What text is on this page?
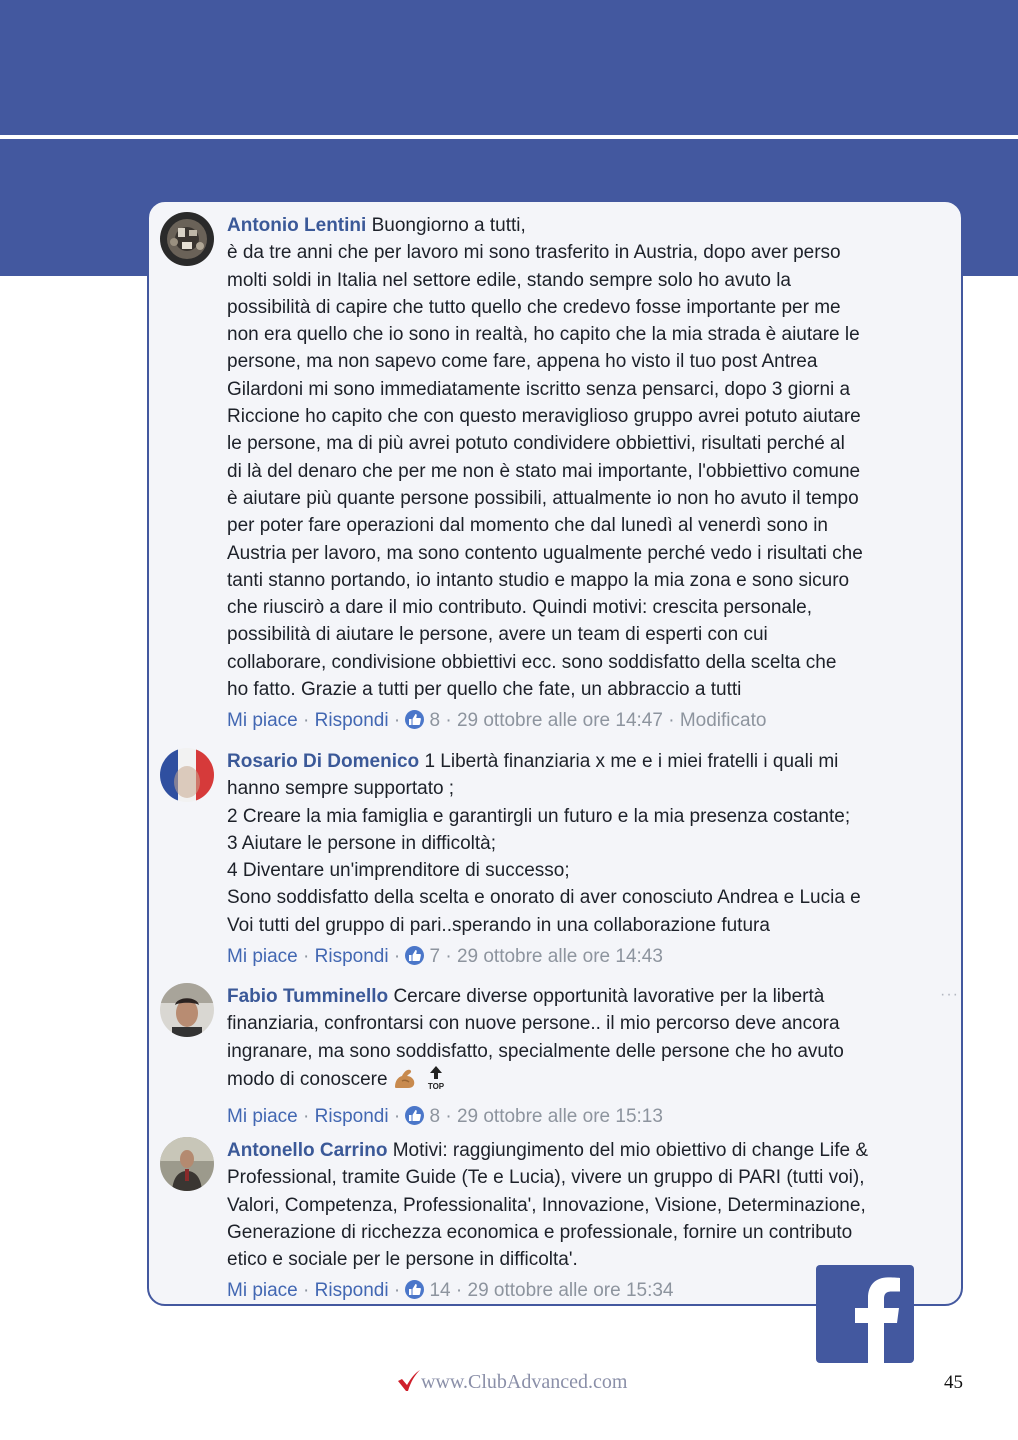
Antonio Lentini Buongiorno a tutti,
è da tre anni che per lavoro mi sono trasferito in Austria, dopo aver perso
molti soldi in Italia nel settore edile, stando sempre solo ho avuto la
possibilità di capire che tutto quello che credevo fosse importante per me
non era quello che io sono in realtà, ho capito che la mia strada è aiutare le
persone, ma non sapevo come fare, appena ho visto il tuo post Antrea
Gilardoni mi sono immediatamente iscritto senza pensarci, dopo 3 giorni a
Riccione ho capito che con questo meraviglioso gruppo avrei potuto aiutare
le persone, ma di più avrei potuto condividere obbiettivi, risultati perché al
di là del denaro che per me non è stato mai importante, l'obbiettivo comune
è aiutare più quante persone possibili, attualmente io non ho avuto il tempo
per poter fare operazioni dal momento che dal lunedì al venerdì sono in
Austria per lavoro, ma sono contento ugualmente perché vedo i risultati che
tanti stanno portando, io intanto studio e mappo la mia zona e sono sicuro
che riuscirò a dare il mio contributo. Quindi motivi: crescita personale,
possibilità di aiutare le persone, avere un team di esperti con cui
collaborare, condivisione obbiettivi ecc. sono soddisfatto della scelta che
ho fatto. Grazie a tutti per quello che fate, un abbraccio a tutti
Mi piace · Rispondi · 8 · 29 ottobre alle ore 14:47 · Modificato
Rosario Di Domenico 1 Libertà finanziaria x me e i miei fratelli i quali mi
hanno sempre supportato ;
2 Creare la mia famiglia e garantirgli un futuro e la mia presenza costante;
3 Aiutare le persone in difficoltà;
4 Diventare un'imprenditore di successo;
Sono soddisfatto della scelta e onorato di aver conosciuto Andrea e Lucia e
Voi tutti del gruppo di pari..sperando in una collaborazione futura
Mi piace · Rispondi · 7 · 29 ottobre alle ore 14:43
Fabio Tumminello Cercare diverse opportunità lavorative per la libertà
finanziaria, confrontarsi con nuove persone.. il mio percorso deve ancora
ingranare, ma sono soddisfatto, specialmente delle persone che ho avuto
modo di conoscere	TOP
Mi piace · Rispondi · 8 · 29 ottobre alle ore 15:13
Antonello Carrino Motivi: raggiungimento del mio obiettivo di change Life &
Professional, tramite Guide (Te e Lucia), vivere un gruppo di PARI (tutti voi),
Valori, Competenza, Professionalita', Innovazione, Visione, Determinazione,
Generazione di ricchezza economica e professionale, fornire un contributo
etico e sociale per le persone in difficolta'.
Mi piace · Rispondi · 14 · 29 ottobre alle ore 15:34
···
www.ClubAdvanced.com	45
